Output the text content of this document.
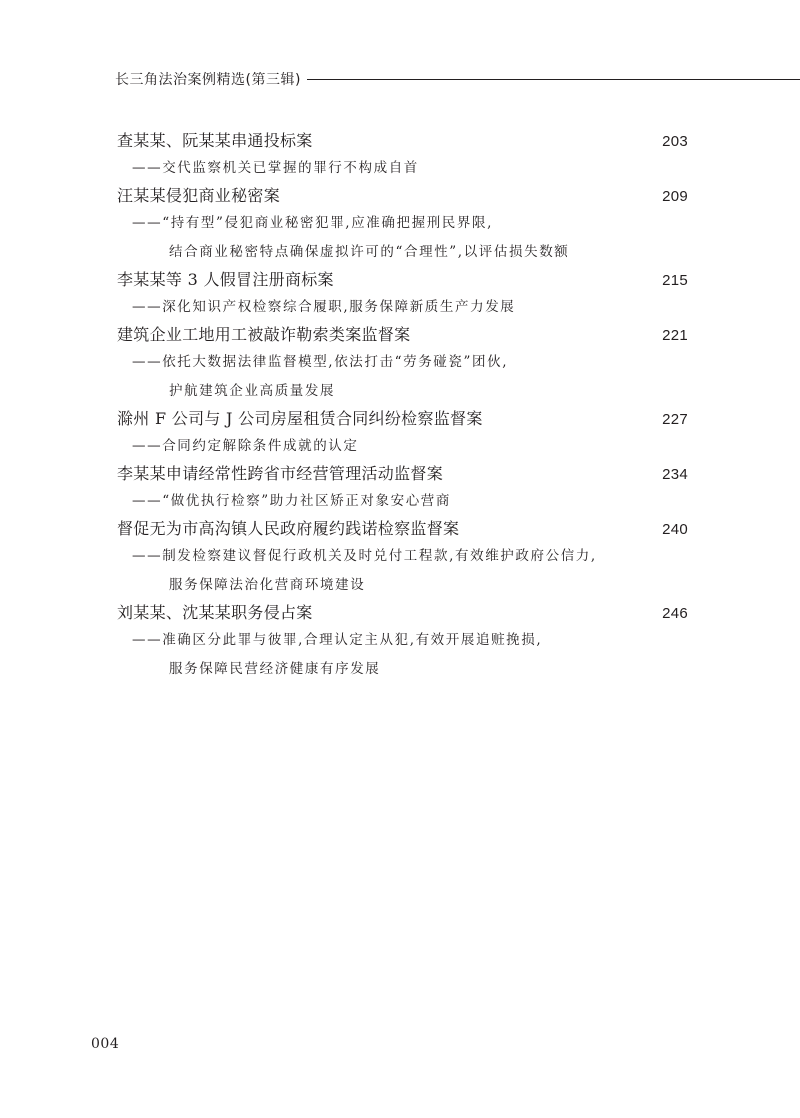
长三角法治案例精选(第三辑)
查某某、阮某某串通投标案	203
——交代监察机关已掌握的罪行不构成自首
汪某某侵犯商业秘密案	209
——“持有型”侵犯商业秘密犯罪,应准确把握刑民界限,
结合商业秘密特点确保虚拟许可的“合理性”,以评估损失数额
李某某等 3 人假冒注册商标案	215
——深化知识产权检察综合履职,服务保障新质生产力发展
建筑企业工地用工被敲诈勒索类案监督案	221
——依托大数据法律监督模型,依法打击“劳务碰瓷”团伙,
护航建筑企业高质量发展
滁州 F 公司与 J 公司房屋租赁合同纠纷检察监督案	227
——合同约定解除条件成就的认定
李某某申请经常性跨省市经营管理活动监督案	234
——“做优执行检察”助力社区矫正对象安心营商
督促无为市高沟镇人民政府履约践诺检察监督案	240
——制发检察建议督促行政机关及时兑付工程款,有效维护政府公信力,
服务保障法治化营商环境建设
刘某某、沈某某职务侵占案	246
——准确区分此罪与彼罪,合理认定主从犯,有效开展追赃挽损,
服务保障民营经济健康有序发展
004
